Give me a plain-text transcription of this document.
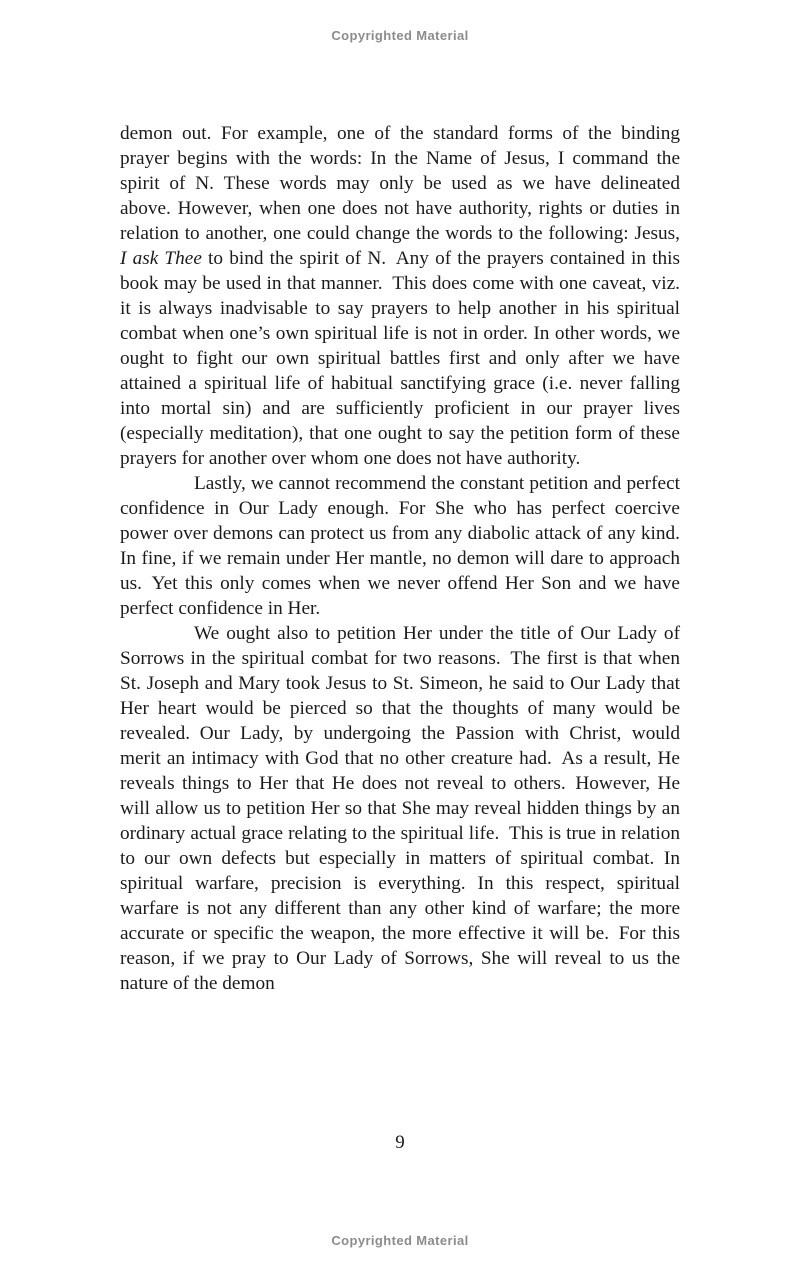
Copyrighted Material

demon out. For example, one of the standard forms of the binding prayer begins with the words: In the Name of Jesus, I command the spirit of N. These words may only be used as we have delineated above. However, when one does not have authority, rights or duties in relation to another, one could change the words to the following: Jesus, I ask Thee to bind the spirit of N. Any of the prayers contained in this book may be used in that manner. This does come with one caveat, viz. it is always inadvisable to say prayers to help another in his spiritual combat when one’s own spiritual life is not in order. In other words, we ought to fight our own spiritual battles first and only after we have attained a spiritual life of habitual sanctifying grace (i.e. never falling into mortal sin) and are sufficiently proficient in our prayer lives (especially meditation), that one ought to say the petition form of these prayers for another over whom one does not have authority.

Lastly, we cannot recommend the constant petition and perfect confidence in Our Lady enough. For She who has perfect coercive power over demons can protect us from any diabolic attack of any kind. In fine, if we remain under Her mantle, no demon will dare to approach us. Yet this only comes when we never offend Her Son and we have perfect confidence in Her.

We ought also to petition Her under the title of Our Lady of Sorrows in the spiritual combat for two reasons. The first is that when St. Joseph and Mary took Jesus to St. Simeon, he said to Our Lady that Her heart would be pierced so that the thoughts of many would be revealed. Our Lady, by undergoing the Passion with Christ, would merit an intimacy with God that no other creature had. As a result, He reveals things to Her that He does not reveal to others. However, He will allow us to petition Her so that She may reveal hidden things by an ordinary actual grace relating to the spiritual life. This is true in relation to our own defects but especially in matters of spiritual combat. In spiritual warfare, precision is everything. In this respect, spiritual warfare is not any different than any other kind of warfare; the more accurate or specific the weapon, the more effective it will be. For this reason, if we pray to Our Lady of Sorrows, She will reveal to us the nature of the demon

9
Copyrighted Material
